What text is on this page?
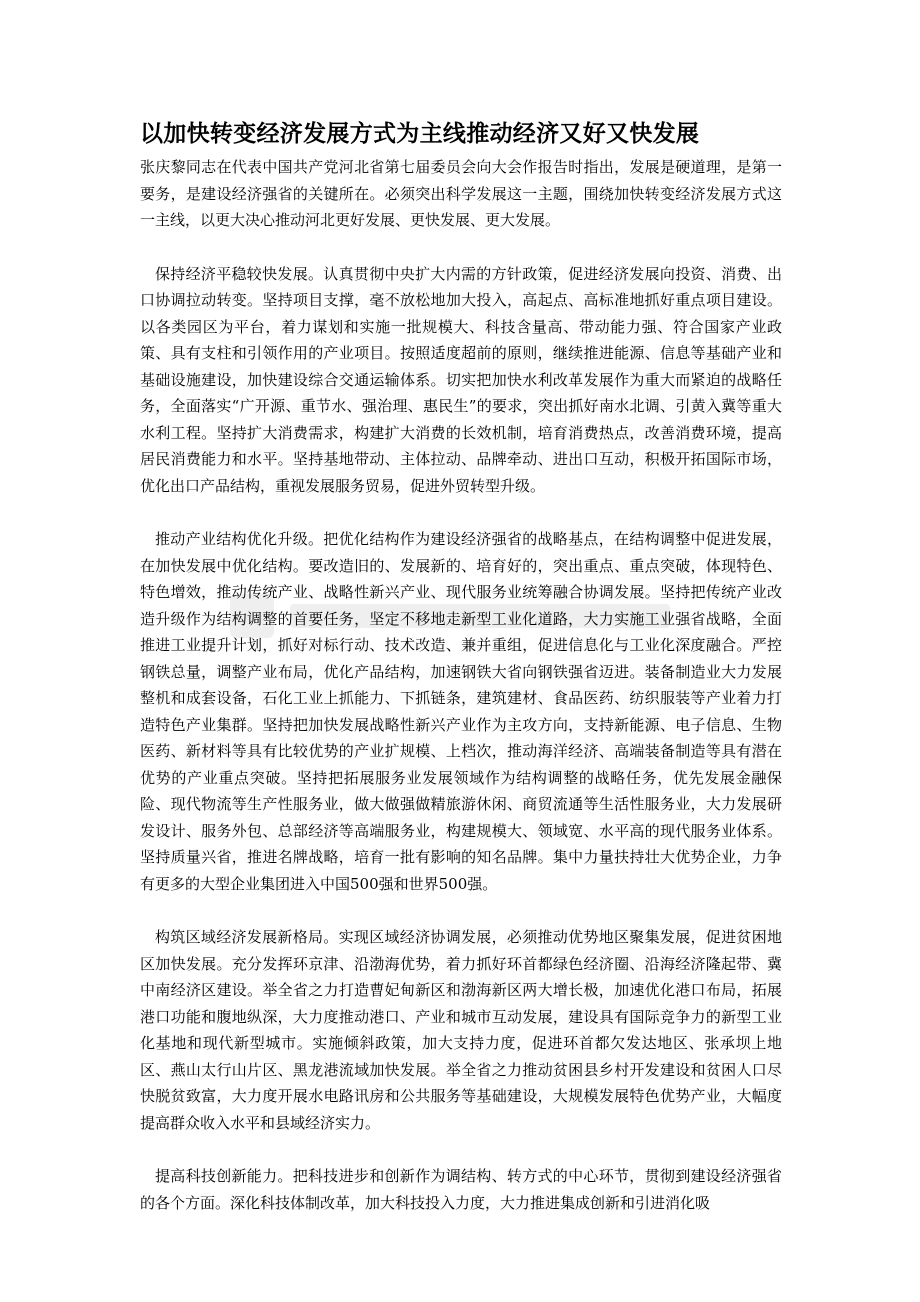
以加快转变经济发展方式为主线推动经济又好又快发展

张庆黎同志在代表中国共产党河北省第七届委员会向大会作报告时指出，发展是硬道理，是第一要务，是建设经济强省的关键所在。必须突出科学发展这一主题，围绕加快转变经济发展方式这一主线，以更大决心推动河北更好发展、更快发展、更大发展。

保持经济平稳较快发展。认真贯彻中央扩大内需的方针政策，促进经济发展向投资、消费、出口协调拉动转变。坚持项目支撑，毫不放松地加大投入，高起点、高标准地抓好重点项目建设。以各类园区为平台，着力谋划和实施一批规模大、科技含量高、带动能力强、符合国家产业政策、具有支柱和引领作用的产业项目。按照适度超前的原则，继续推进能源、信息等基础产业和基础设施建设，加快建设综合交通运输体系。切实把加快水利改革发展作为重大而紧迫的战略任务，全面落实“广开源、重节水、强治理、惠民生”的要求，突出抓好南水北调、引黄入冀等重大水利工程。坚持扩大消费需求，构建扩大消费的长效机制，培育消费热点，改善消费环境，提高居民消费能力和水平。坚持基地带动、主体拉动、品牌牵动、进出口互动，积极开拓国际市场，优化出口产品结构，重视发展服务贸易，促进外贸转型升级。

推动产业结构优化升级。把优化结构作为建设经济强省的战略基点，在结构调整中促进发展，在加快发展中优化结构。要改造旧的、发展新的、培育好的，突出重点、重点突破，体现特色、特色增效，推动传统产业、战略性新兴产业、现代服务业统筹融合协调发展。坚持把传统产业改造升级作为结构调整的首要任务，坚定不移地走新型工业化道路，大力实施工业强省战略，全面推进工业提升计划，抓好对标行动、技术改造、兼并重组，促进信息化与工业化深度融合。严控钢铁总量，调整产业布局，优化产品结构，加速钢铁大省向钢铁强省迈进。装备制造业大力发展整机和成套设备，石化工业上抓能力、下抓链条，建筑建材、食品医药、纺织服装等产业着力打造特色产业集群。坚持把加快发展战略性新兴产业作为主攻方向，支持新能源、电子信息、生物医药、新材料等具有比较优势的产业扩规模、上档次，推动海洋经济、高端装备制造等具有潜在优势的产业重点突破。坚持把拓展服务业发展领域作为结构调整的战略任务，优先发展金融保险、现代物流等生产性服务业，做大做强做精旅游休闲、商贸流通等生活性服务业，大力发展研发设计、服务外包、总部经济等高端服务业，构建规模大、领域宽、水平高的现代服务业体系。坚持质量兴省，推进名牌战略，培育一批有影响的知名品牌。集中力量扶持壮大优势企业，力争有更多的大型企业集团进入中国500强和世界500强。

构筑区域经济发展新格局。实现区域经济协调发展，必须推动优势地区聚集发展，促进贫困地区加快发展。充分发挥环京津、沿渤海优势，着力抓好环首都绿色经济圈、沿海经济隆起带、冀中南经济区建设。举全省之力打造曹妃甸新区和渤海新区两大增长极，加速优化港口布局，拓展港口功能和腹地纵深，大力度推动港口、产业和城市互动发展，建设具有国际竞争力的新型工业化基地和现代新型城市。实施倾斜政策，加大支持力度，促进环首都欠发达地区、张承坝上地区、燕山太行山片区、黑龙港流域加快发展。举全省之力推动贫困县乡村开发建设和贫困人口尽快脱贫致富，大力度开展水电路讯房和公共服务等基础建设，大规模发展特色优势产业，大幅度提高群众收入水平和县域经济实力。

提高科技创新能力。把科技进步和创新作为调结构、转方式的中心环节，贯彻到建设经济强省的各个方面。深化科技体制改革，加大科技投入力度，大力推进集成创新和引进消化吸
